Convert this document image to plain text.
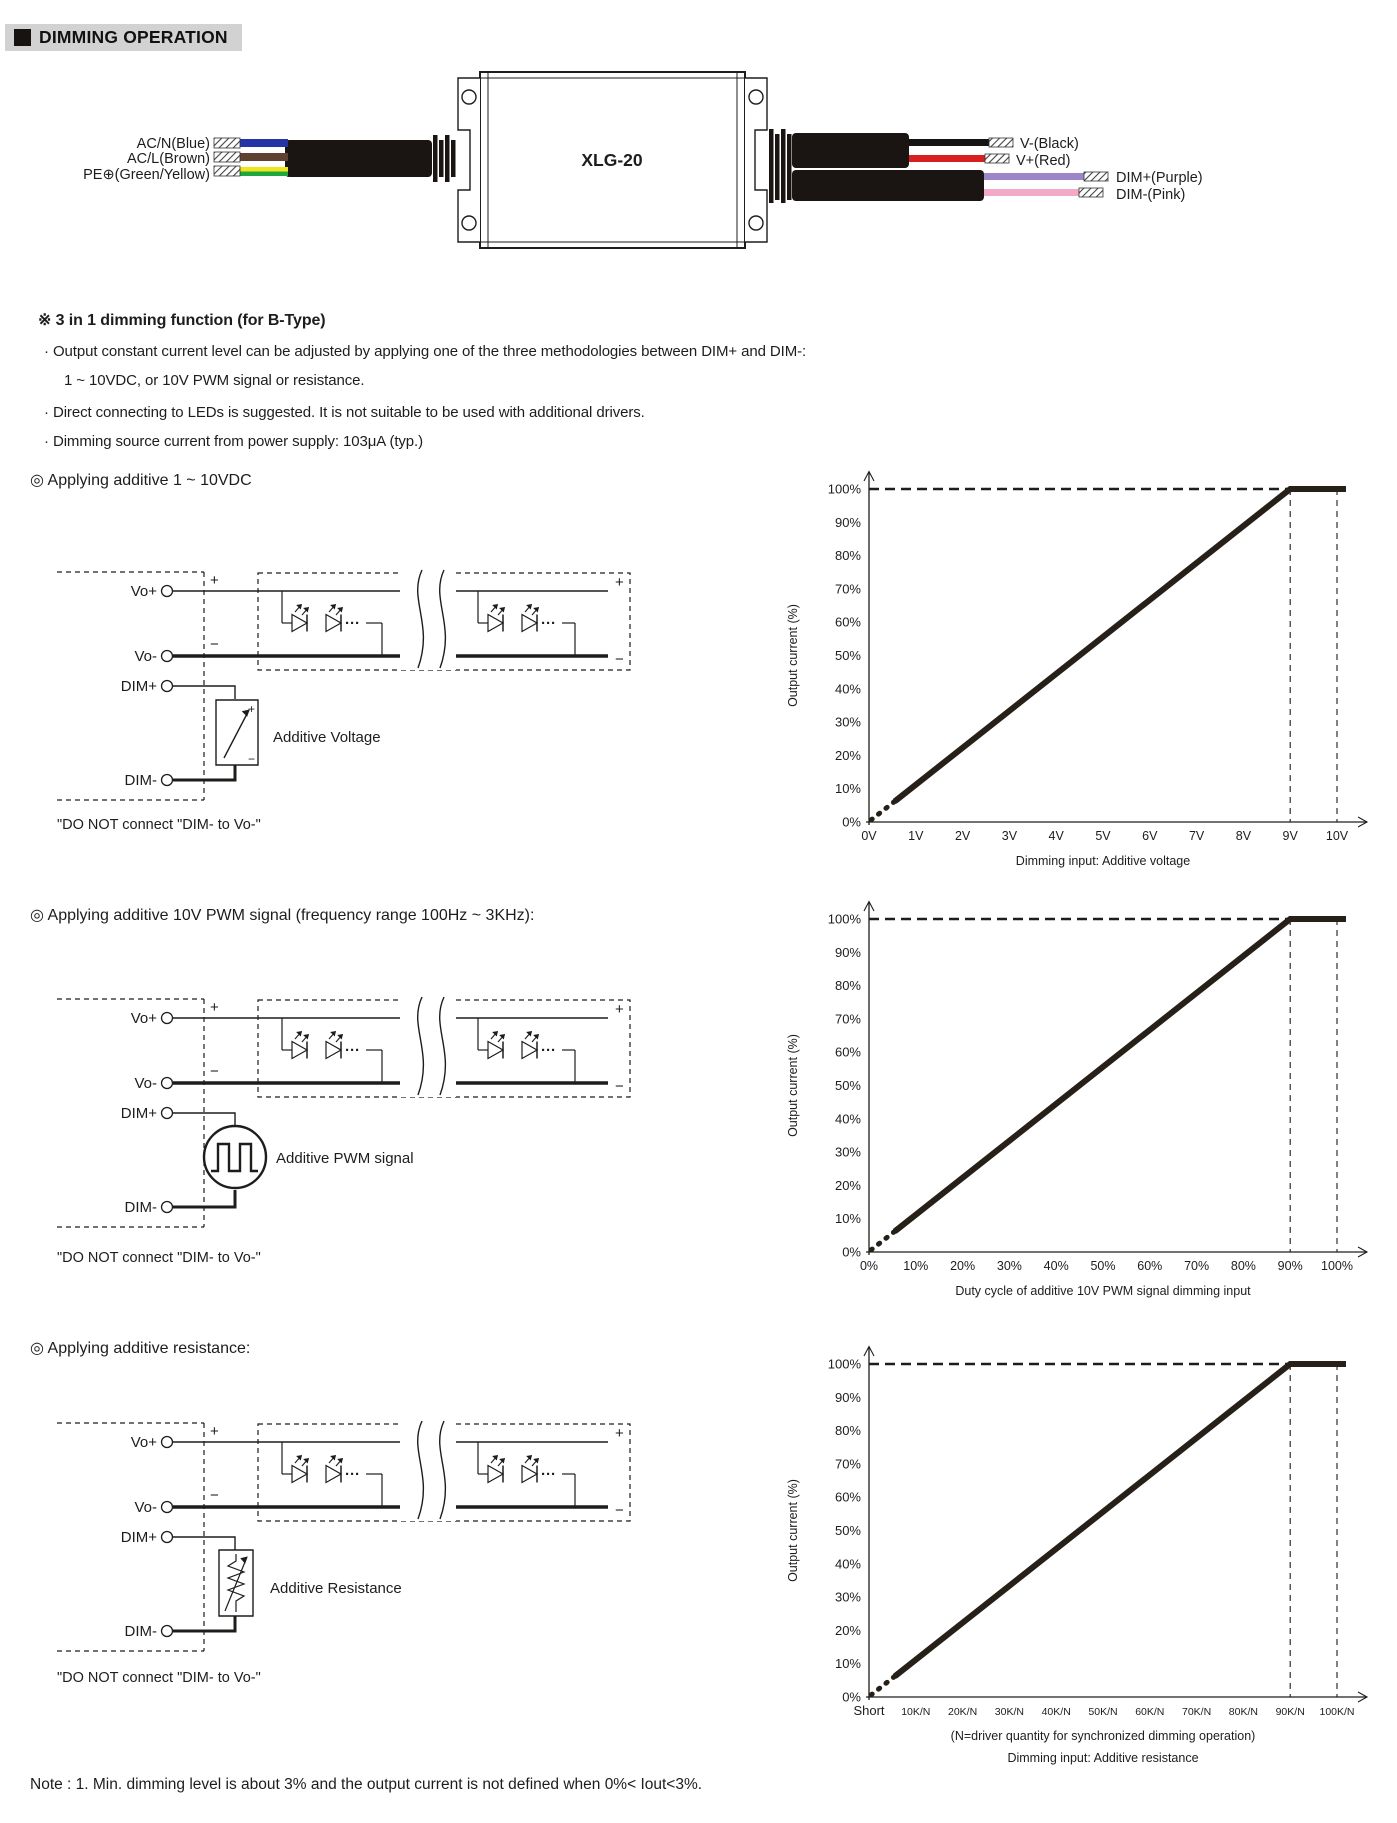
DIMMING OPERATION
XLG-20
AC/N(Blue)
AC/L(Brown)
PE⊕(Green/Yellow)
V-(Black)
V+(Red)
DIM+(Purple)
DIM-(Pink)
※ 3 in 1 dimming function (for B-Type)
· Output constant current level can be adjusted by applying one of the three methodologies between DIM+ and DIM-:
1 ~ 10VDC, or 10V PWM signal or resistance.
· Direct connecting to LEDs is suggested. It is not suitable to be used with additional drivers.
· Dimming source current from power supply: 103μA (typ.)
◎ Applying additive 1 ~ 10VDC
Vo+
Vo-
DIM+
DIM-
+
−
···	···
+
−
+
−
Additive Voltage
"DO NOT connect "DIM- to Vo-"	0%
10%
20%
30%
40%
50%
60%
70%
80%
90%
100%
0V	1V	2V	3V	4V	5V	6V	7V	8V	9V 10V
Output current (%)
Dimming input: Additive voltage
◎ Applying additive 10V PWM signal (frequency range 100Hz ~ 3KHz):
Vo+
Vo-
DIM+
DIM-
+
−
···	···
+
−
Additive PWM signal
"DO NOT connect "DIM- to Vo-"	0%
10%
20%
30%
40%
50%
60%
70%
80%
90%
100%
0% 10% 20% 30% 40% 50% 60% 70% 80% 90% 100%
Output current (%)
Duty cycle of additive 10V PWM signal dimming input
◎ Applying additive resistance:
Vo+
Vo-
DIM+
DIM-
+
−
···	···
+
−
Additive Resistance
"DO NOT connect "DIM- to Vo-"
0%
10%
20%
30%
40%
50%
60%
70%
80%
90%
100%
Short 10K/N 20K/N 30K/N 40K/N 50K/N 60K/N 70K/N 80K/N 90K/N 100K/N
Output current (%)
(N=driver quantity for synchronized dimming operation)
Dimming input: Additive resistance
Note : 1. Min. dimming level is about 3% and the output current is not defined when 0%< Iout<3%.
